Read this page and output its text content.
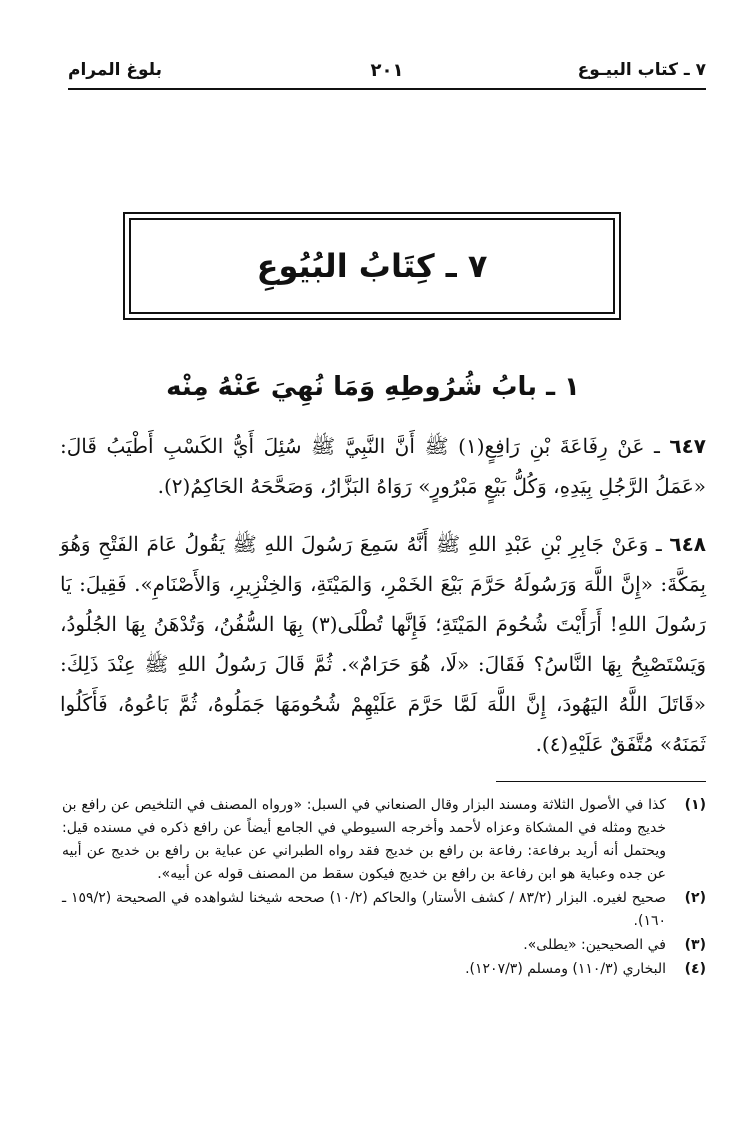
٧ ـ كتاب البيـوع
٢٠١
بلوغ المرام
٧ ـ كِتَابُ البُيُوعِ
١ ـ بابُ شُرُوطِهِ وَمَا نُهِيَ عَنْهُ مِنْه
٦٤٧ ـ عَنْ رِفَاعَةَ بْنِ رَافِعٍ(١) ﷺ أَنَّ النَّبِيَّ ﷺ سُئِلَ أَيُّ الكَسْبِ أَطْيَبُ قَالَ: «عَمَلُ الرَّجُلِ بِيَدِهِ، وَكُلُّ بَيْعٍ مَبْرُورٍ» رَوَاهُ البَزَّارُ، وَصَحَّحَهُ الحَاكِمُ(٢).
٦٤٨ ـ وَعَنْ جَابِرِ بْنِ عَبْدِ اللهِ ﷺ أَنَّهُ سَمِعَ رَسُولَ اللهِ ﷺ يَقُولُ عَامَ الفَتْحِ وَهُوَ بِمَكَّةَ: «إِنَّ اللَّهَ وَرَسُولَهُ حَرَّمَ بَيْعَ الخَمْرِ، وَالمَيْتَةِ، وَالخِنْزِيرِ، وَالأَصْنَامِ». فَقِيلَ: يَا رَسُولَ اللهِ! أَرَأَيْتَ شُحُومَ المَيْتَةِ؛ فَإِنَّها تُطْلَى(٣) بِهَا السُّفُنُ، وَتُدْهَنُ بِهَا الجُلُودُ، وَيَسْتَصْبِحُ بِهَا النَّاسُ؟ فَقَالَ: «لَا، هُوَ حَرَامٌ». ثُمَّ قَالَ رَسُولُ اللهِ ﷺ عِنْدَ ذَلِكَ: «قَاتَلَ اللَّهُ اليَهُودَ، إِنَّ اللَّهَ لَمَّا حَرَّمَ عَلَيْهِمْ شُحُومَهَا جَمَلُوهُ، ثُمَّ بَاعُوهُ، فَأَكَلُوا ثَمَنَهُ» مُتَّفَقٌ عَلَيْهِ(٤).
(١)
كذا في الأصول الثلاثة ومسند البزار وقال الصنعاني في السبل: «ورواه المصنف في التلخيص عن رافع بن خديج ومثله في المشكاة وعزاه لأحمد وأخرجه السيوطي في الجامع أيضاً عن رافع ذكره في مسنده قيل: ويحتمل أنه أريد برفاعة: رفاعة بن رافع بن خديج فقد رواه الطبراني عن عباية بن رافع بن خديج عن أبيه عن جده وعباية هو ابن رفاعة بن رافع بن خديج فيكون سقط من المصنف قوله عن أبيه».
(٢)
صحيح لغيره. البزار (٨٣/٢ / كشف الأستار) والحاكم (١٠/٢) صححه شيخنا لشواهده في الصحيحة (١٥٩/٢ ـ ١٦٠).
(٣)
في الصحيحين: «يطلى».
(٤)
البخاري (١١٠/٣) ومسلم (١٢٠٧/٣).
